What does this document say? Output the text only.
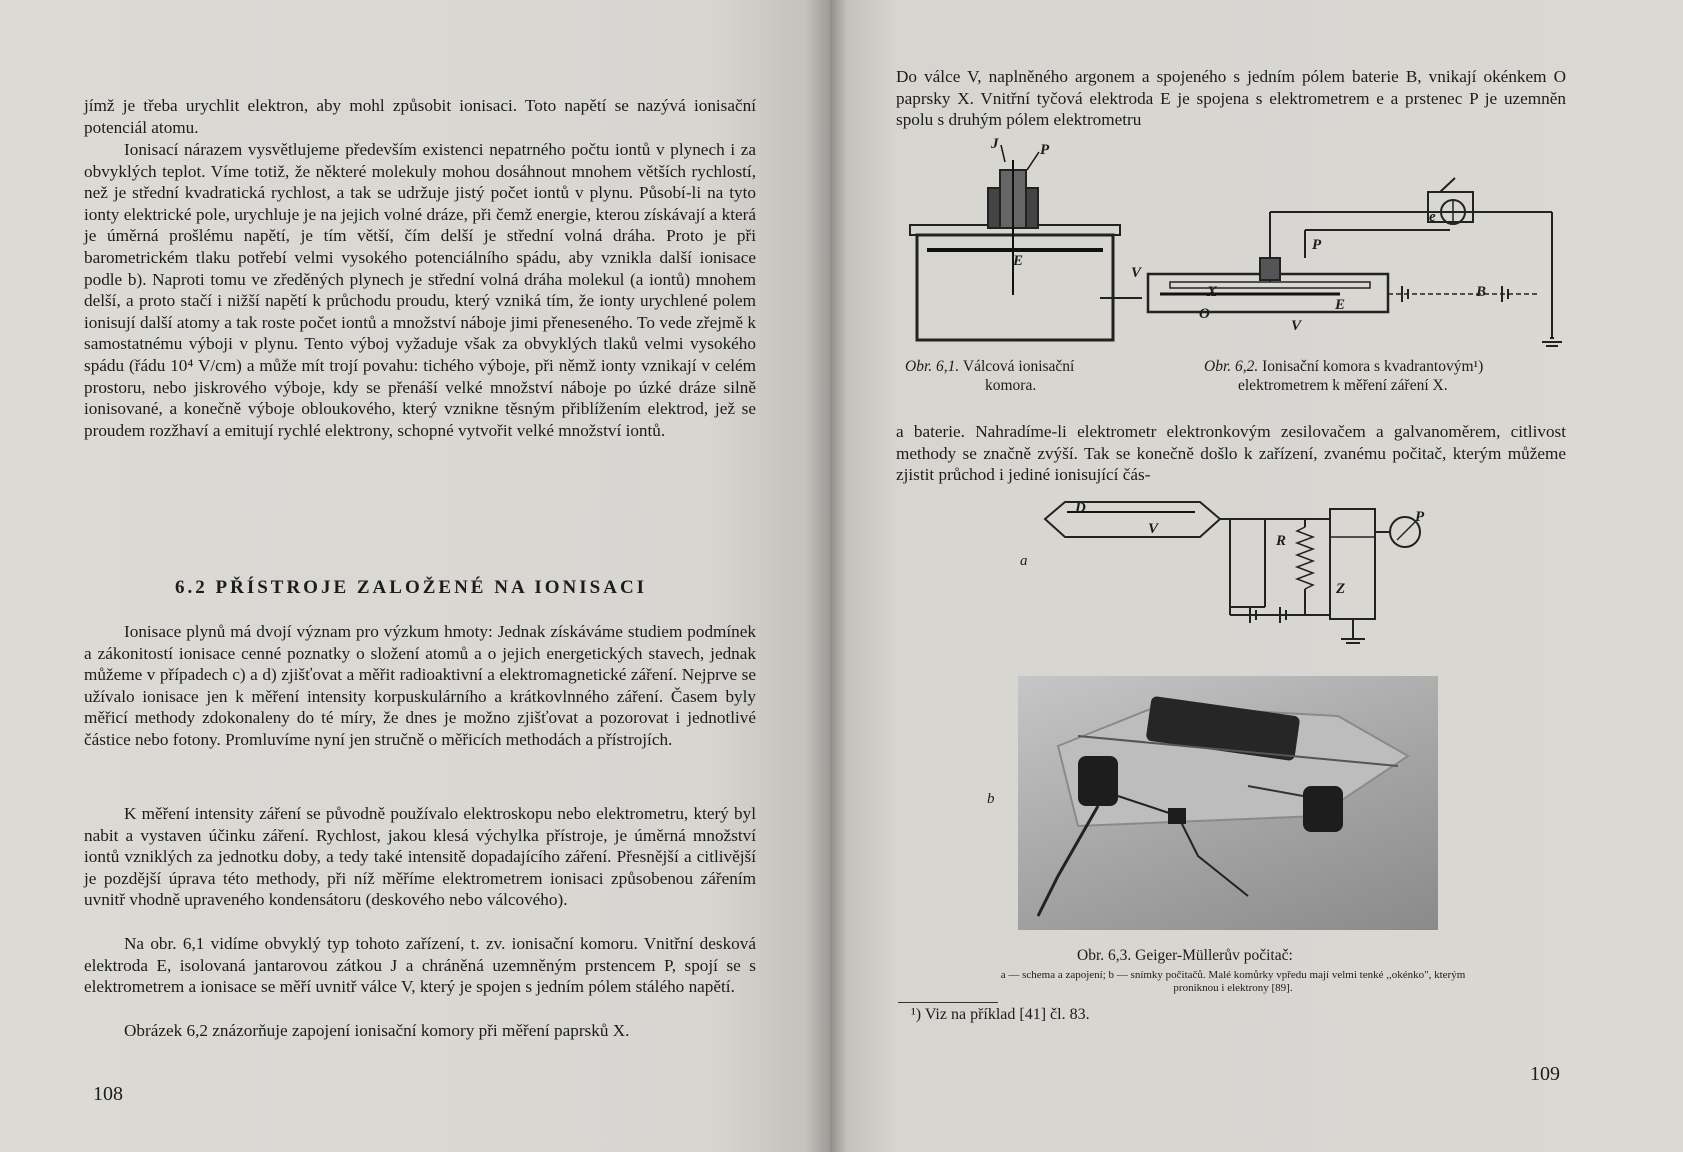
jímž je třeba urychlit elektron, aby mohl způsobit ionisaci. Toto napětí se nazývá ionisační potenciál atomu.

Ionisací nárazem vysvětlujeme především existenci nepatrného počtu iontů v plynech i za obvyklých teplot. Víme totiž, že některé molekuly mohou dosáhnout mnohem větších rychlostí, než je střední kvadratická rychlost, a tak se udržuje jistý počet iontů v plynu. Působí-li na tyto ionty elektrické pole, urychluje je na jejich volné dráze, při čemž energie, kterou získávají a která je úměrná prošlému napětí, je tím větší, čím delší je střední volná dráha. Proto je při barometrickém tlaku potřebí velmi vysokého potenciálního spádu, aby vznikla další ionisace podle b). Naproti tomu ve zředěných plynech je střední volná dráha molekul (a iontů) mnohem delší, a proto stačí i nižší napětí k průchodu proudu, který vzniká tím, že ionty urychlené polem ionisují další atomy a tak roste počet iontů a množství náboje jimi přeneseného. To vede zřejmě k samostatnému výboji v plynu. Tento výboj vyžaduje však za obvyklých tlaků velmi vysokého spádu (řádu 10⁴ V/cm) a může mít trojí povahu: tichého výboje, při němž ionty vznikají v celém prostoru, nebo jiskrového výboje, kdy se přenáší velké množství náboje po úzké dráze silně ionisované, a konečně výboje obloukového, který vznikne těsným přiblížením elektrod, jež se proudem rozžhaví a emitují rychlé elektrony, schopné vytvořit velké množství iontů.

6.2 PŘÍSTROJE ZALOŽENÉ NA IONISACI

Ionisace plynů má dvojí význam pro výzkum hmoty: Jednak získáváme studiem podmínek a zákonitostí ionisace cenné poznatky o složení atomů a o jejich energetických stavech, jednak můžeme v případech c) a d) zjišťovat a měřit radioaktivní a elektromagnetické záření. Nejprve se užívalo ionisace jen k měření intensity korpuskulárního a krátkovlnného záření. Časem byly měřicí methody zdokonaleny do té míry, že dnes je možno zjišťovat a pozorovat i jednotlivé částice nebo fotony. Promluvíme nyní jen stručně o měřicích methodách a přístrojích.

K měření intensity záření se původně používalo elektroskopu nebo elektrometru, který byl nabit a vystaven účinku záření. Rychlost, jakou klesá výchylka přístroje, je úměrná množství iontů vzniklých za jednotku doby, a tedy také intensitě dopadajícího záření. Přesnější a citlivější je pozdější úprava této methody, při níž měříme elektrometrem ionisaci způsobenou zářením uvnitř vhodně upraveného kondensátoru (deskového nebo válcového).

Na obr. 6,1 vidíme obvyklý typ tohoto zařízení, t. zv. ionisační komoru. Vnitřní desková elektroda E, isolovaná jantarovou zátkou J a chráněná uzemněným prstencem P, spojí se s elektrometrem a ionisace se měří uvnitř válce V, který je spojen s jedním pólem stálého napětí.

Obrázek 6,2 znázorňuje zapojení ionisační komory při měření paprsků X.

108

Do válce V, naplněného argonem a spojeného s jedním pólem baterie B, vnikají okénkem O paprsky X. Vnitřní tyčová elektroda E je spojena s elektrometrem e a prstenec P je uzemněn spolu s druhým pólem elektrometru

J	P
E
V
Obr. 6,1. Válcová ionisační
komora.
e
P
X
O
E
V
B
Obr. 6,2. Ionisační komora s kvadrantovým¹)
elektrometrem k měření záření X.

a baterie. Nahradíme-li elektrometr elektronkovým zesilovačem a galvanoměrem, citlivost methody se značně zvýší. Tak se konečně došlo k zařízení, zvanému počitač, kterým můžeme zjistit průchod i jediné ionisující čás-

D
V
R
Z
P
a
b
Obr. 6,3. Geiger-Müllerův počitač:

a — schema a zapojení; b — snímky počitačů. Malé komůrky vpředu mají velmi tenké ,,okénko", kterým

proniknou i elektrony [89].

¹) Viz na příklad [41] čl. 83.

109
